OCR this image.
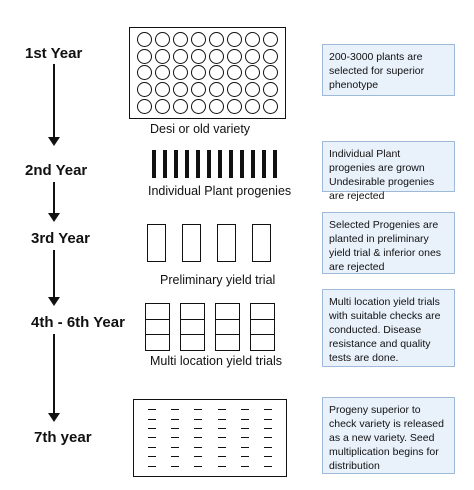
1st Year
2nd Year
3rd Year
4th - 6th Year
7th year
Desi or old variety
Individual Plant progenies
Preliminary yield trial
Multi location yield trials
200-3000 plants are selected for superior phenotype
Individual Plant progenies are grown Undesirable progenies are rejected
Selected Progenies are planted in preliminary yield trial & inferior ones are rejected
Multi location yield trials with suitable checks are conducted. Disease resistance and quality tests are done.
Progeny superior to check variety is released as a new variety. Seed multiplication begins for distribution
